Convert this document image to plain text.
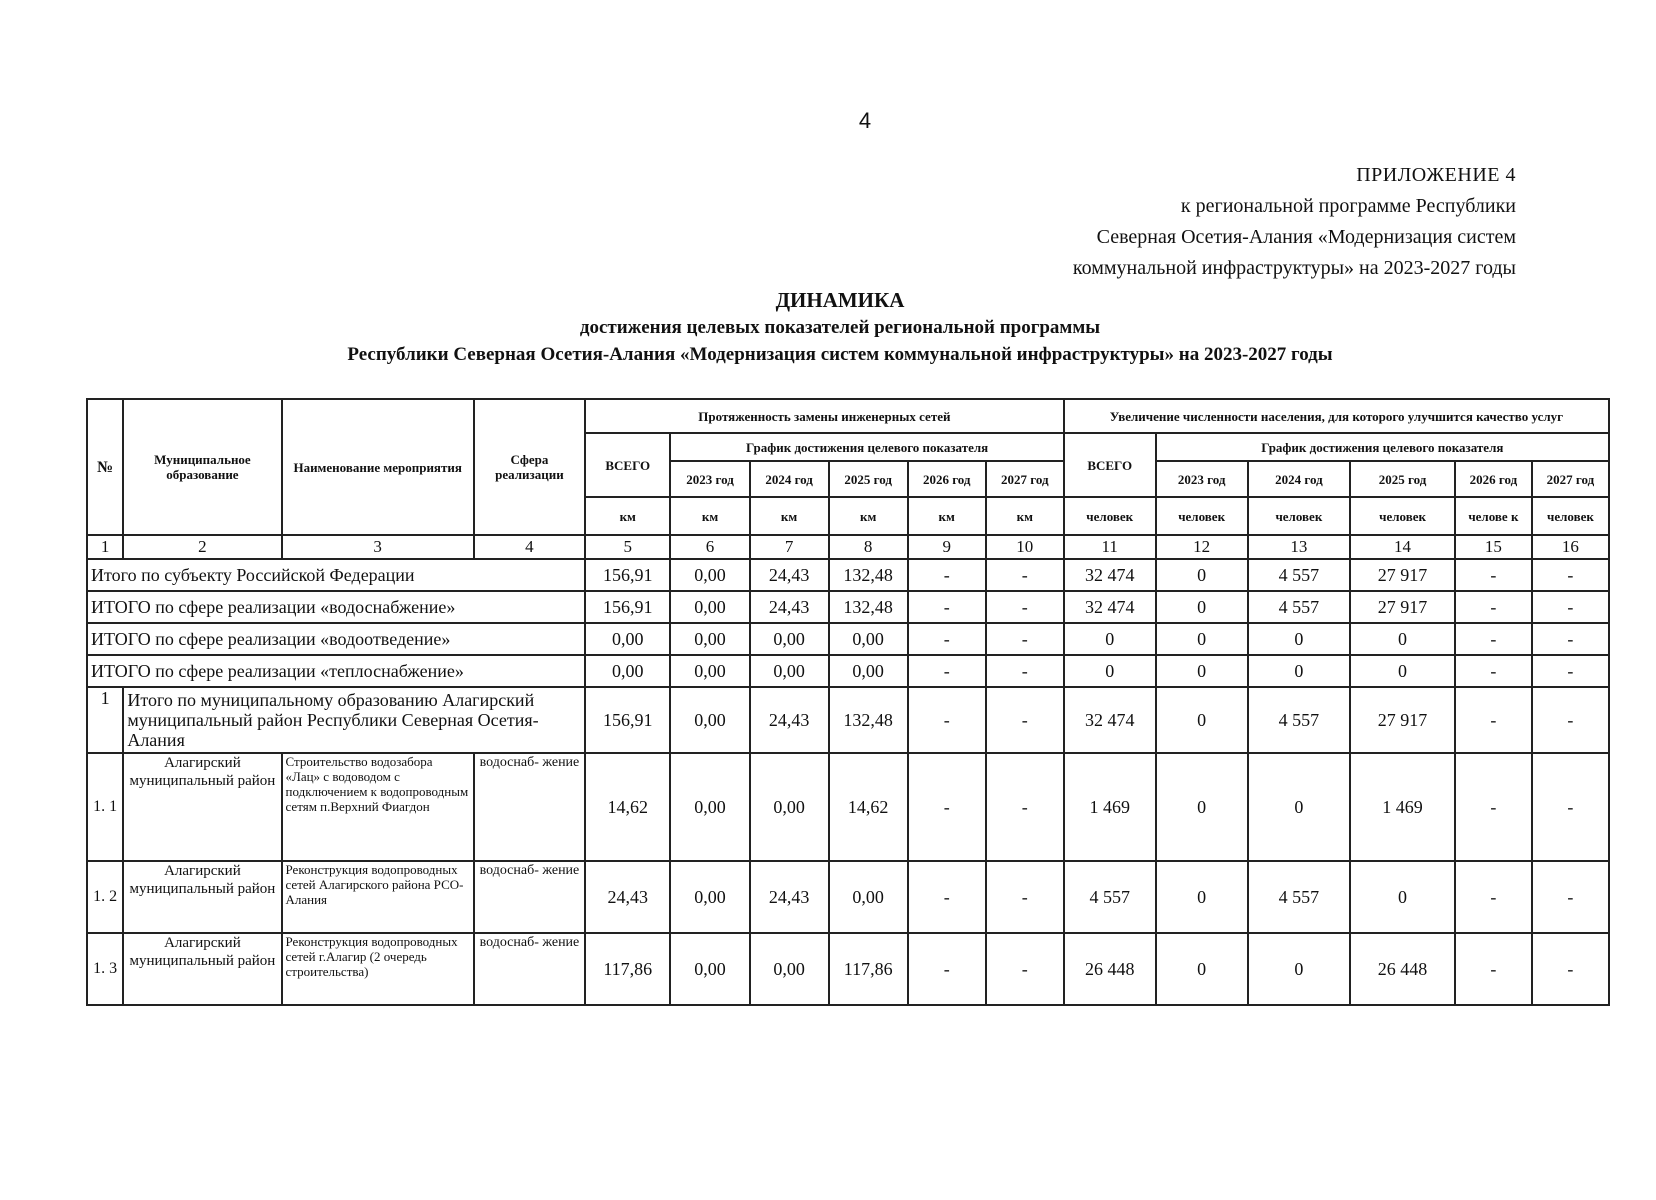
4
ПРИЛОЖЕНИЕ 4
к региональной программе Республики
Северная Осетия-Алания «Модернизация систем
коммунальной инфраструктуры» на 2023-2027 годы
ДИНАМИКА
достижения целевых показателей региональной программы
Республики Северная Осетия-Алания «Модернизация систем коммунальной инфраструктуры» на 2023-2027 годы
№	Муниципальное образование	Наименование мероприятия	Сфера реализации	Протяженность замены инженерных сетей						Увеличение численности населения, для которого улучшится качество услуг					
				ВСЕГО	График достижения целевого показателя					ВСЕГО	График достижения целевого показателя				
					2023 год	2024 год	2025 год	2026 год	2027 год		2023 год	2024 год	2025 год	2026 год	2027 год
				км	км	км	км	км	км	человек	человек	человек	человек	челове к	человек
1	2	3	4	5	6	7	8	9	10	11	12	13	14	15	16
Итого по субъекту Российской Федерации				156,91	0,00	24,43	132,48	-	-	32 474	0	4 557	27 917	-	-
ИТОГО по сфере реализации «водоснабжение»				156,91	0,00	24,43	132,48	-	-	32 474	0	4 557	27 917	-	-
ИТОГО по сфере реализации «водоотведение»				0,00	0,00	0,00	0,00	-	-	0	0	0	0	-	-
ИТОГО по сфере реализации «теплоснабжение»				0,00	0,00	0,00	0,00	-	-	0	0	0	0	-	-
1	Итого по муниципальному образованию Алагирский муниципальный район Республики Северная Осетия-Алания			156,91	0,00	24,43	132,48	-	-	32 474	0	4 557	27 917	-	-
1. 1	Алагирский муниципальный район	Строительство водозабора «Лац» с водоводом с подключением к водопроводным сетям п.Верхний Фиагдон	водоснаб- жение	14,62	0,00	0,00	14,62	-	-	1 469	0	0	1 469	-	-
1. 2	Алагирский муниципальный район	Реконструкция водопроводных сетей Алагирского района РСО-Алания	водоснаб- жение	24,43	0,00	24,43	0,00	-	-	4 557	0	4 557	0	-	-
1. 3	Алагирский муниципальный район	Реконструкция водопроводных сетей г.Алагир (2 очередь строительства)	водоснаб- жение	117,86	0,00	0,00	117,86	-	-	26 448	0	0	26 448	-	-
